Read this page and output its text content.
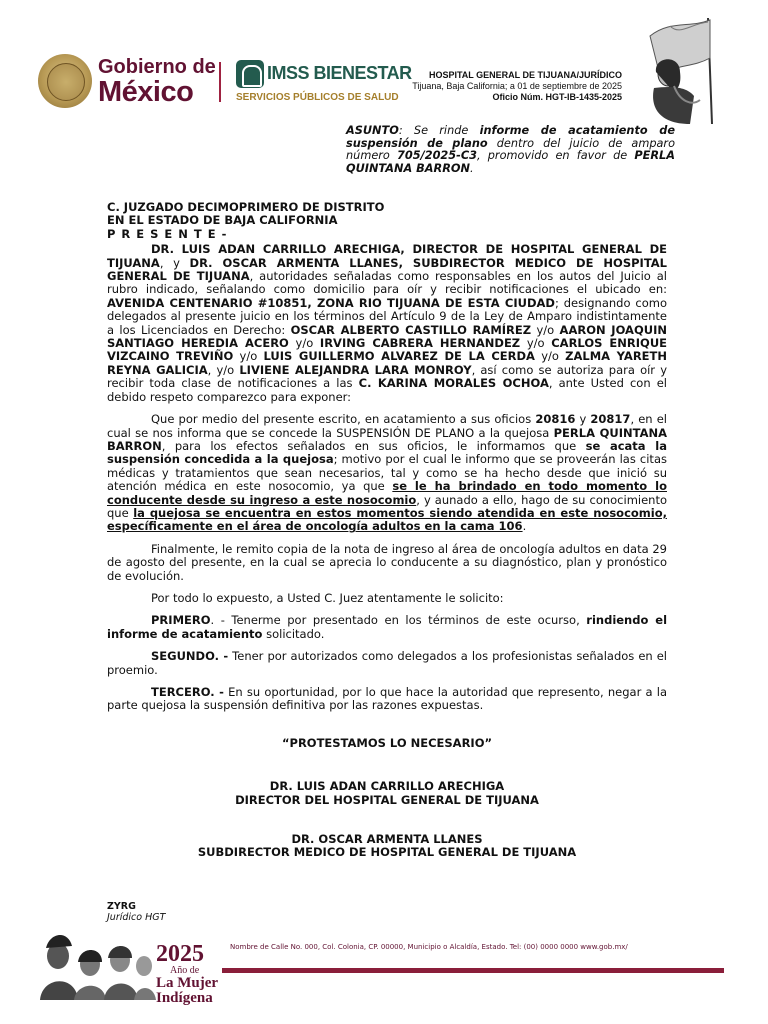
Gobierno de
México
IMSS BIENESTAR
SERVICIOS PÚBLICOS DE SALUD
HOSPITAL GENERAL DE TIJUANA/JURÍDICO
Tijuana, Baja California; a 01 de septiembre de 2025
Oficio Núm. HGT-IB-1435-2025
ASUNTO: Se rinde informe de acatamiento de suspensión de plano dentro del juicio de amparo número 705/2025-C3, promovido en favor de PERLA QUINTANA BARRON.

C. JUZGADO DECIMOPRIMERO DE DISTRITO

EN EL ESTADO DE BAJA CALIFORNIA

P R E S E N T E -

DR. LUIS ADAN CARRILLO ARECHIGA, DIRECTOR DE HOSPITAL GENERAL DE TIJUANA, y DR. OSCAR ARMENTA LLANES, SUBDIRECTOR MEDICO DE HOSPITAL GENERAL DE TIJUANA, autoridades señaladas como responsables en los autos del Juicio al rubro indicado, señalando como domicilio para oír y recibir notificaciones el ubicado en: AVENIDA CENTENARIO #10851, ZONA RIO TIJUANA DE ESTA CIUDAD; designando como delegados al presente juicio en los términos del Artículo 9 de la Ley de Amparo indistintamente a los Licenciados en Derecho: OSCAR ALBERTO CASTILLO RAMÍREZ y/o AARON JOAQUIN SANTIAGO HEREDIA ACERO y/o IRVING CABRERA HERNANDEZ y/o CARLOS ENRIQUE VIZCAINO TREVIÑO y/o LUIS GUILLERMO ALVAREZ DE LA CERDA y/o ZALMA YARETH REYNA GALICIA, y/o LIVIENE ALEJANDRA LARA MONROY, así como se autoriza para oír y recibir toda clase de notificaciones a las C. KARINA MORALES OCHOA, ante Usted con el debido respeto comparezco para exponer:

Que por medio del presente escrito, en acatamiento a sus oficios 20816 y 20817, en el cual se nos informa que se concede la SUSPENSIÓN DE PLANO a la quejosa PERLA QUINTANA BARRON, para los efectos señalados en sus oficios, le informamos que se acata la suspensión concedida a la quejosa; motivo por el cual le informo que se proveerán las citas médicas y tratamientos que sean necesarios, tal y como se ha hecho desde que inició su atención médica en este nosocomio, ya que se le ha brindado en todo momento lo conducente desde su ingreso a este nosocomio, y aunado a ello, hago de su conocimiento que la quejosa se encuentra en estos momentos siendo atendida en este nosocomio, específicamente en el área de oncología adultos en la cama 106.

Finalmente, le remito copia de la nota de ingreso al área de oncología adultos en data 29 de agosto del presente, en la cual se aprecia lo conducente a su diagnóstico, plan y pronóstico de evolución.

Por todo lo expuesto, a Usted C. Juez atentamente le solicito:

PRIMERO. - Tenerme por presentado en los términos de este ocurso, rindiendo el informe de acatamiento solicitado.

SEGUNDO. - Tener por autorizados como delegados a los profesionistas señalados en el proemio.

TERCERO. - En su oportunidad, por lo que hace la autoridad que represento, negar a la parte quejosa la suspensión definitiva por las razones expuestas.

“PROTESTAMOS LO NECESARIO”

DR. LUIS ADAN CARRILLO ARECHIGA

DIRECTOR DEL HOSPITAL GENERAL DE TIJUANA

DR. OSCAR ARMENTA LLANES

SUBDIRECTOR MEDICO DE HOSPITAL GENERAL DE TIJUANA

ZYRG
Jurídico HGT
2025
Año de
La Mujer
Indígena
Nombre de Calle No. 000, Col. Colonia, CP. 00000, Municipio o Alcaldía, Estado. Tel: (00) 0000 0000 www.gob.mx/
